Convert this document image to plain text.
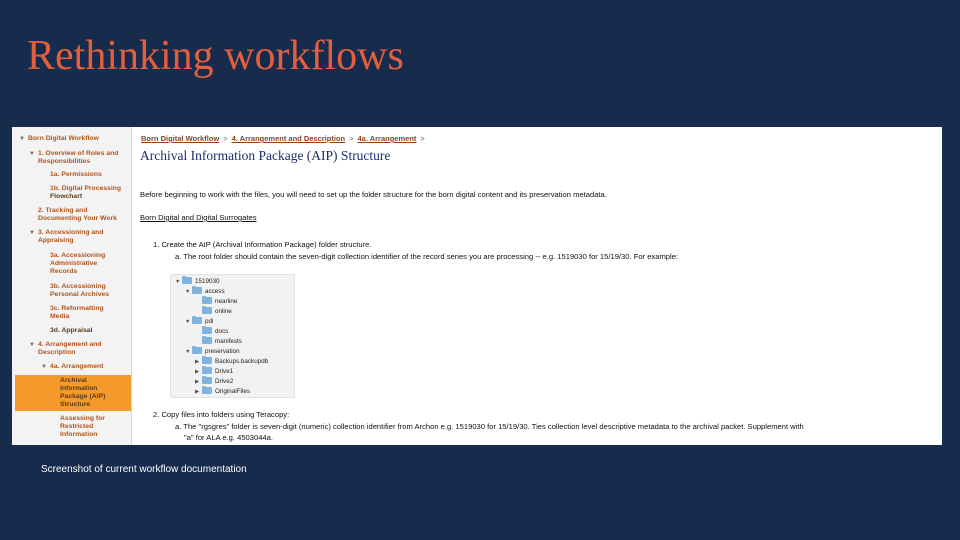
Rethinking workflows
▼ Born Digital Workflow
▼ 1. Overview of Roles and
Responsibilities
1a. Permissions
1b. Digital Processing
Flowchart
2. Tracking and
Documenting Your Work
▼ 3. Accessioning and
Appraising
3a. Accessioning
Administrative
Records
3b. Accessioning
Personal Archives
3c. Reformatting
Media
3d. Appraisal
▼ 4. Arrangement and
Description
▼ 4a. Arrangement
Archival
Information
Package (AIP)
Structure
Assessing for
Restricted
Information
Born Digital Workflow > 4. Arrangement and Description > 4a. Arrangement >
Archival Information Package (AIP) Structure
Before beginning to work with the files, you will need to set up the folder structure for the born digital content and its preservation metadata.
Born Digital and Digital Surrogates
1. Create the AIP (Archival Information Package) folder structure.
a. The root folder should contain the seven-digit collection identifier of the record series you are processing -- e.g. 1519030 for 15/19/30. For example:
▼ 1519030
▼ access
nearline
online
▼ pdi
docs
manifests
▼ preservation
▶	Backups.backupdb
▶	Drive1
▶	Drive2
▶	OriginalFiles
2. Copy files into folders using Teracopy:
a. The "rgsgres" folder is seven-digit (numeric) collection identifier from Archon e.g. 1519030 for 15/19/30. Ties collection level descriptive metadata to the archival packet. Supplement with
"a" for ALA e.g. 4503044a.
Screenshot of current workflow documentation
